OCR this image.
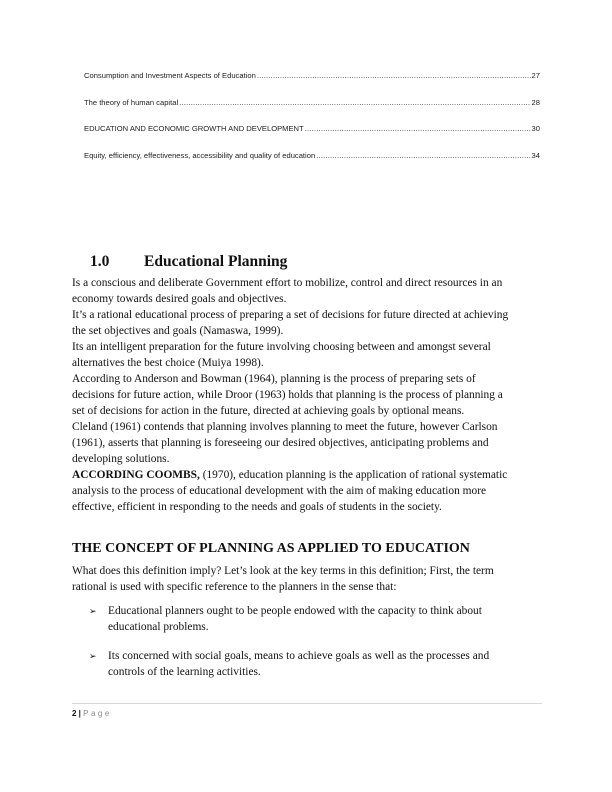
Consumption and Investment Aspects of Education .....	27
The theory of human capital .....	28
EDUCATION AND ECONOMIC GROWTH AND DEVELOPMENT .....	30
Equity, efficiency, effectiveness, accessibility and quality of education .....	34
1.0 Educational Planning
Is a conscious and deliberate Government effort to mobilize, control and direct resources in an
economy towards desired goals and objectives.
It’s a rational educational process of preparing a set of decisions for future directed at achieving
the set objectives and goals (Namaswa, 1999).
Its an intelligent preparation for the future involving choosing between and amongst several
alternatives the best choice (Muiya 1998).
According to Anderson and Bowman (1964), planning is the process of preparing sets of
decisions for future action, while Droor (1963) holds that planning is the process of planning a
set of decisions for action in the future, directed at achieving goals by optional means.
Cleland (1961) contends that planning involves planning to meet the future, however Carlson
(1961), asserts that planning is foreseeing our desired objectives, anticipating problems and
developing solutions.
ACCORDING COOMBS, (1970), education planning is the application of rational systematic
analysis to the process of educational development with the aim of making education more
effective, efficient in responding to the needs and goals of students in the society.
THE CONCEPT OF PLANNING AS APPLIED TO EDUCATION
What does this definition imply? Let’s look at the key terms in this definition; First, the term
rational is used with specific reference to the planners in the sense that:
➢ Educational planners ought to be people endowed with the capacity to think about
educational problems.
➢ Its concerned with social goals, means to achieve goals as well as the processes and
controls of the learning activities.
2 | Page
